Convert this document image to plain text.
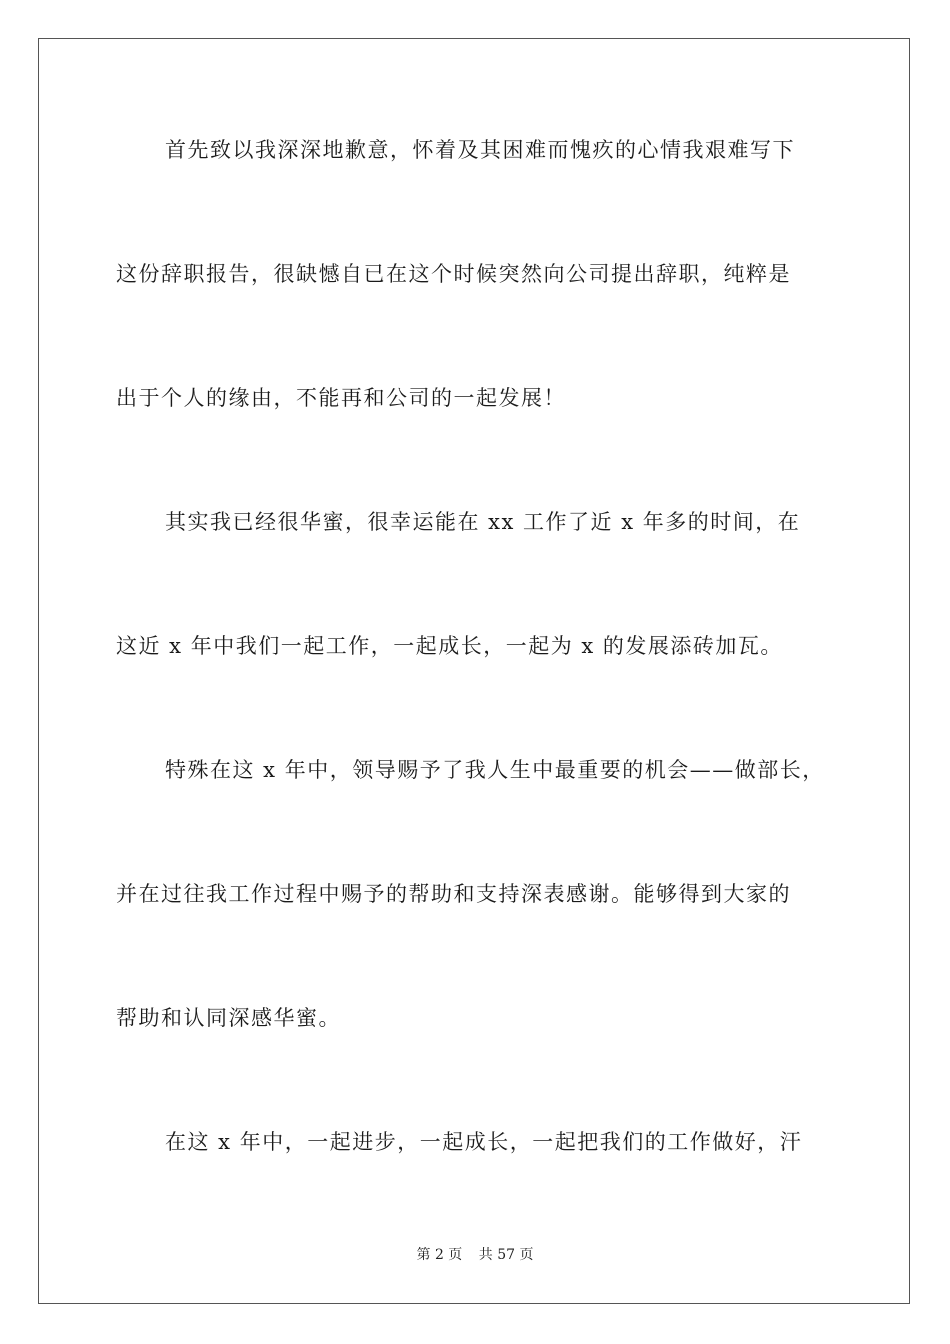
首先致以我深深地歉意，怀着及其困难而愧疚的心情我艰难写下
这份辞职报告，很缺憾自已在这个时候突然向公司提出辞职，纯粹是
出于个人的缘由，不能再和公司的一起发展！
其实我已经很华蜜，很幸运能在 xx 工作了近 x 年多的时间，在
这近 x 年中我们一起工作，一起成长，一起为 x 的发展添砖加瓦。
特殊在这 x 年中，领导赐予了我人生中最重要的机会——做部长，
并在过往我工作过程中赐予的帮助和支持深表感谢。能够得到大家的
帮助和认同深感华蜜。
在这 x 年中，一起进步，一起成长，一起把我们的工作做好，汗
第 2 页 共 57 页
